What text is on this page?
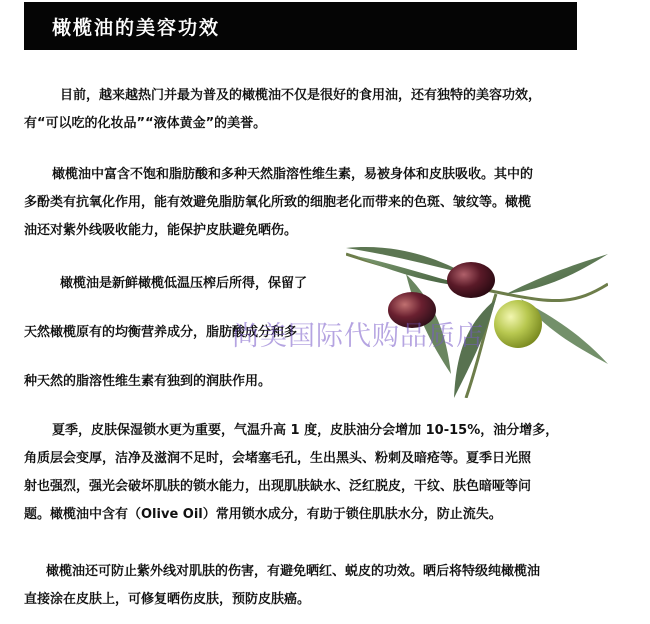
橄榄油的美容功效
目前，越来越热门并最为普及的橄榄油不仅是很好的食用油，还有独特的美容功效，
有“可以吃的化妆品”“液体黄金”的美誉。
橄榄油中富含不饱和脂肪酸和多种天然脂溶性维生素，易被身体和皮肤吸收。其中的
多酚类有抗氧化作用，能有效避免脂肪氧化所致的细胞老化而带来的色斑、皱纹等。橄榄
油还对紫外线吸收能力，能保护皮肤避免晒伤。
橄榄油是新鲜橄榄低温压榨后所得，保留了
天然橄榄原有的均衡营养成分，脂肪酸成分和多
种天然的脂溶性维生素有独到的润肤作用。
尚美国际代购品质店
夏季，皮肤保湿锁水更为重要，气温升高 1 度，皮肤油分会增加 10-15%，油分增多，
角质层会变厚，洁净及滋润不足时，会堵塞毛孔，生出黑头、粉刺及暗疮等。夏季日光照
射也强烈，强光会破坏肌肤的锁水能力，出现肌肤缺水、泛红脱皮，干纹、肤色暗哑等问
题。橄榄油中含有（Olive Oil）常用锁水成分，有助于锁住肌肤水分，防止流失。
橄榄油还可防止紫外线对肌肤的伤害，有避免晒红、蜕皮的功效。晒后将特级纯橄榄油
直接涂在皮肤上，可修复晒伤皮肤，预防皮肤癌。
